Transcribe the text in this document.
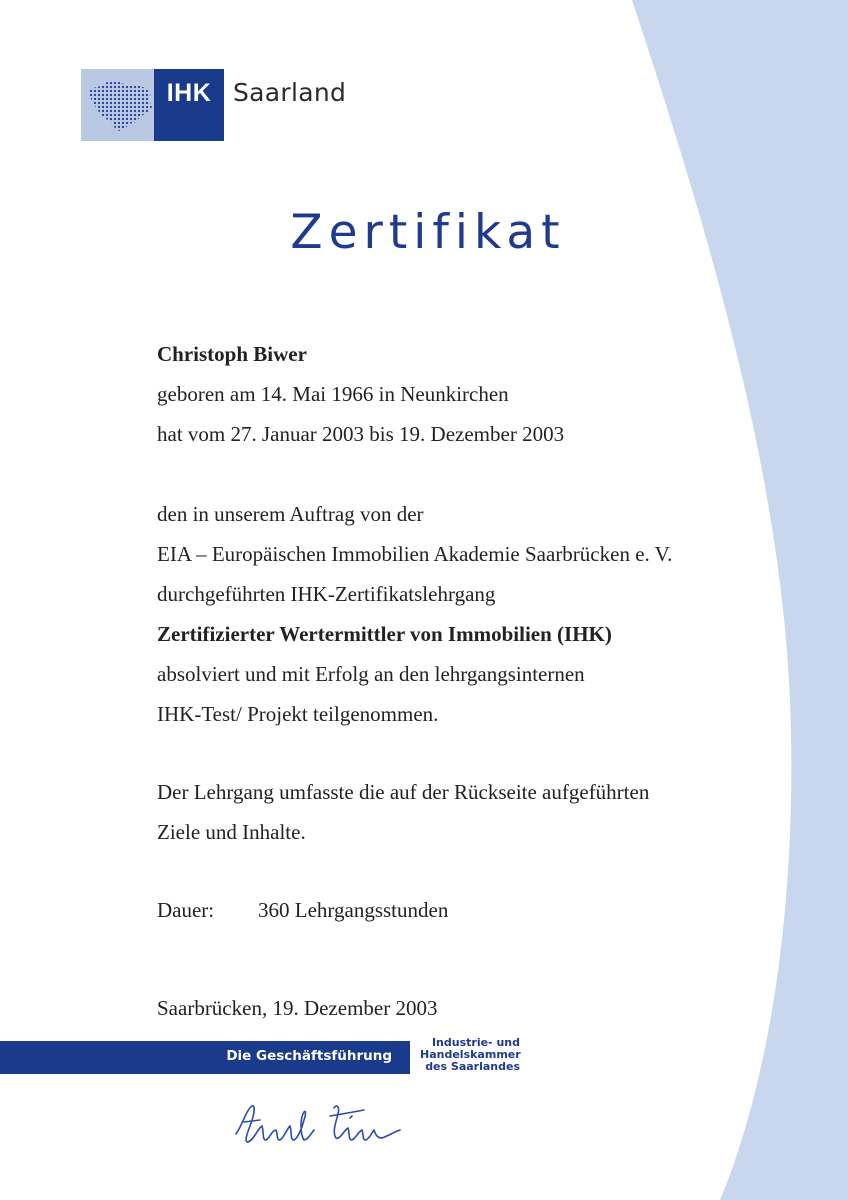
IHK Saarland
Zertifikat
Christoph Biwer
geboren am 14. Mai 1966 in Neunkirchen
hat vom 27. Januar 2003 bis 19. Dezember 2003
den in unserem Auftrag von der
EIA – Europäischen Immobilien Akademie Saarbrücken e. V.
durchgeführten IHK-Zertifikatslehrgang
Zertifizierter Wertermittler von Immobilien (IHK)
absolviert und mit Erfolg an den lehrgangsinternen
IHK-Test/ Projekt teilgenommen.
Der Lehrgang umfasste die auf der Rückseite aufgeführten
Ziele und Inhalte.
Dauer:	360 Lehrgangsstunden
Saarbrücken, 19. Dezember 2003
Die Geschäftsführung
Industrie- und
Handelskammer
des Saarlandes
